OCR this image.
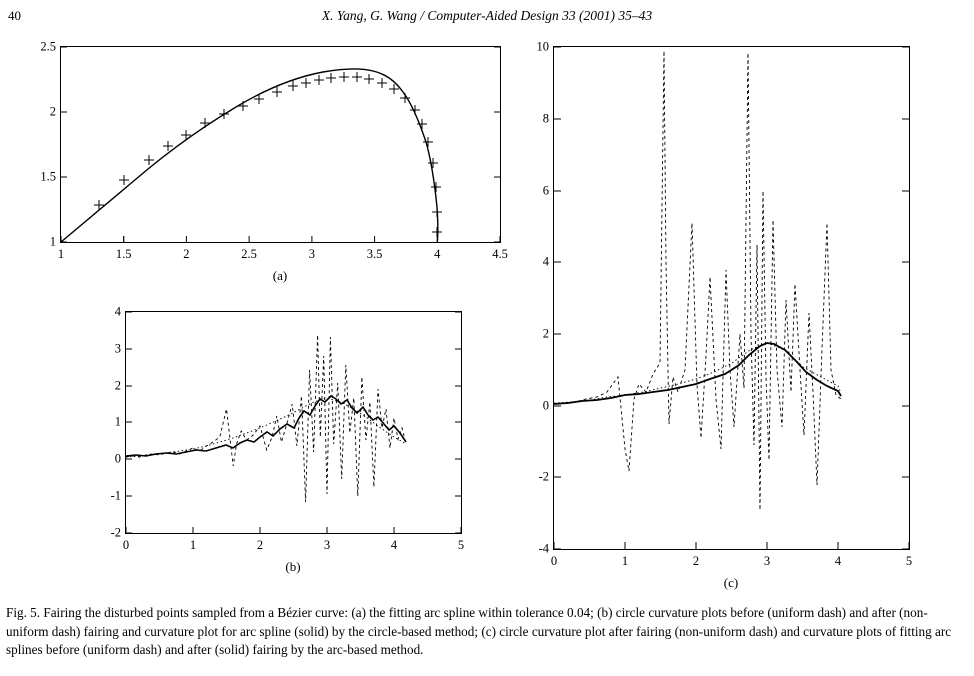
40	X. Yang, G. Wang / Computer-Aided Design 33 (2001) 35–43
1	1.5	2	2.5	3	3.5	4	4.5
1
1.5
2
2.5
(a)
0	1	2	3	4	5
-2
-1
0
1
2
3
4
(b)	0	1	2	3	4	5
-4
-2
0
2
4
6
8
10
(c)
Fig. 5. Fairing the disturbed points sampled from a Bézier curve: (a) the fitting arc spline within tolerance 0.04; (b) circle curvature plots before (uniform dash) and after (non-uniform dash) fairing and curvature plot for arc spline (solid) by the circle-based method; (c) circle curvature plot after fairing (non-uniform dash) and curvature plots of fitting arc splines before (uniform dash) and after (solid) fairing by the arc-based method.
